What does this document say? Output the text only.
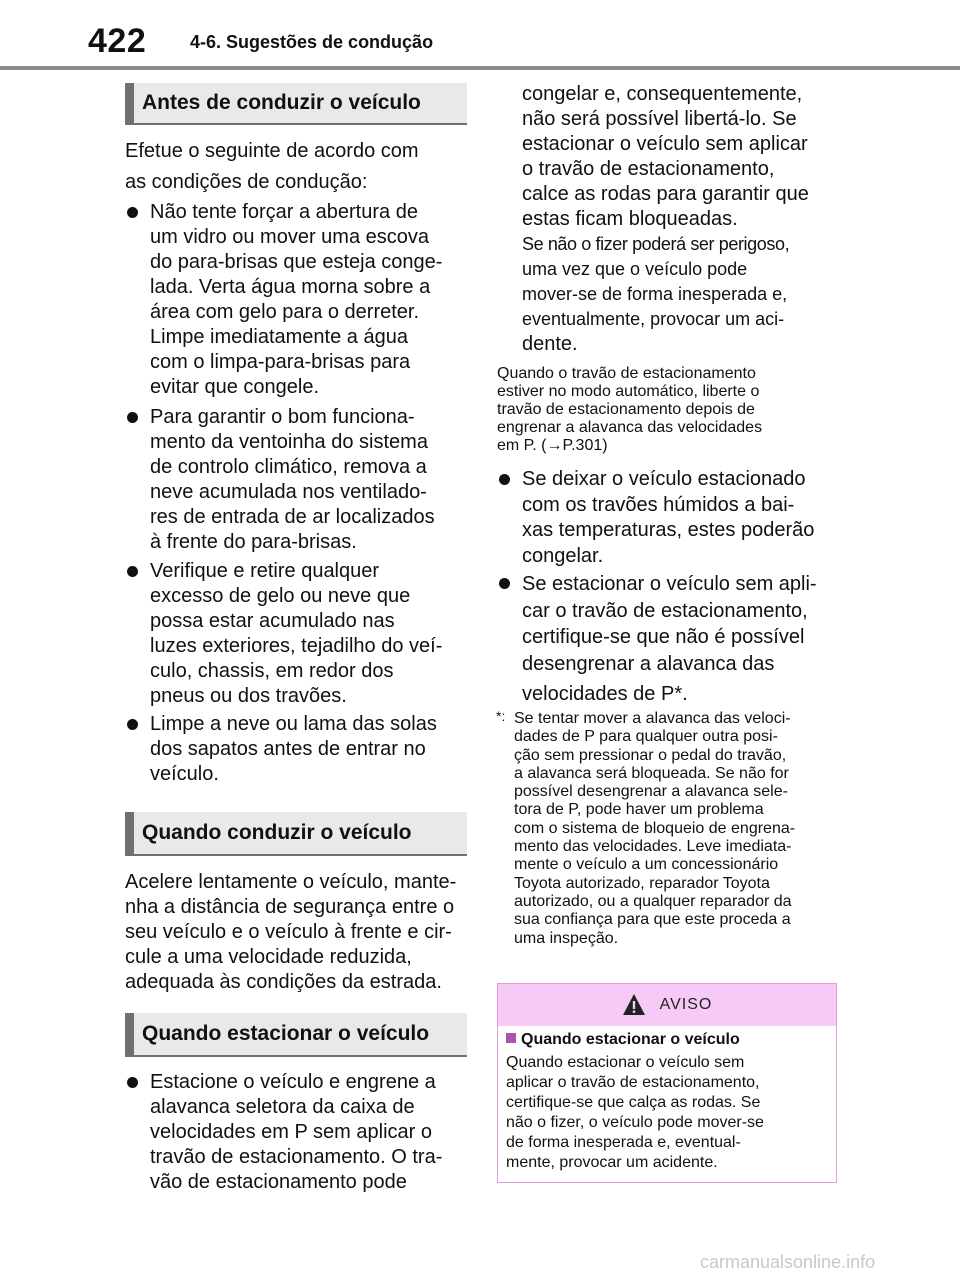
422 4-6. Sugestões de condução
Antes de conduzir o veículo
Efetue o seguinte de acordo com
as condições de condução:
Não tente forçar a abertura de
um vidro ou mover uma escova
do para-brisas que esteja conge-
lada. Verta água morna sobre a
área com gelo para o derreter.
Limpe imediatamente a água
com o limpa-para-brisas para
evitar que congele.
Para garantir o bom funciona-
mento da ventoinha do sistema
de controlo climático, remova a
neve acumulada nos ventilado-
res de entrada de ar localizados
à frente do para-brisas.
Verifique e retire qualquer
excesso de gelo ou neve que
possa estar acumulado nas
luzes exteriores, tejadilho do veí-
culo, chassis, em redor dos
pneus ou dos travões.
Limpe a neve ou lama das solas
dos sapatos antes de entrar no
veículo.
Quando conduzir o veículo
Acelere lentamente o veículo, mante-
nha a distância de segurança entre o
seu veículo e o veículo à frente e cir-
cule a uma velocidade reduzida,
adequada às condições da estrada.
Quando estacionar o veículo
Estacione o veículo e engrene a
alavanca seletora da caixa de
velocidades em P sem aplicar o
travão de estacionamento. O tra-
vão de estacionamento pode
congelar e, consequentemente,
não será possível libertá-lo. Se
estacionar o veículo sem aplicar
o travão de estacionamento,
calce as rodas para garantir que
estas ficam bloqueadas.
Se não o fizer poderá ser perigoso,
uma vez que o veículo pode
mover-se de forma inesperada e,
eventualmente, provocar um aci-
dente.
Quando o travão de estacionamento
estiver no modo automático, liberte o
travão de estacionamento depois de
engrenar a alavanca das velocidades
em P. (→P.301)
Se deixar o veículo estacionado
com os travões húmidos a bai-
xas temperaturas, estes poderão
congelar.
Se estacionar o veículo sem apli-
car o travão de estacionamento,
certifique-se que não é possível
desengrenar a alavanca das
velocidades de P*.
*: Se tentar mover a alavanca das veloci-
dades de P para qualquer outra posi-
ção sem pressionar o pedal do travão,
a alavanca será bloqueada. Se não for
possível desengrenar a alavanca sele-
tora de P, pode haver um problema
com o sistema de bloqueio de engrena-
mento das velocidades. Leve imediata-
mente o veículo a um concessionário
Toyota autorizado, reparador Toyota
autorizado, ou a qualquer reparador da
sua confiança para que este proceda a
uma inspeção.
AVISO
Quando estacionar o veículo
Quando estacionar o veículo sem
aplicar o travão de estacionamento,
certifique-se que calça as rodas. Se
não o fizer, o veículo pode mover-se
de forma inesperada e, eventual-
mente, provocar um acidente.
carmanualsonline.info
